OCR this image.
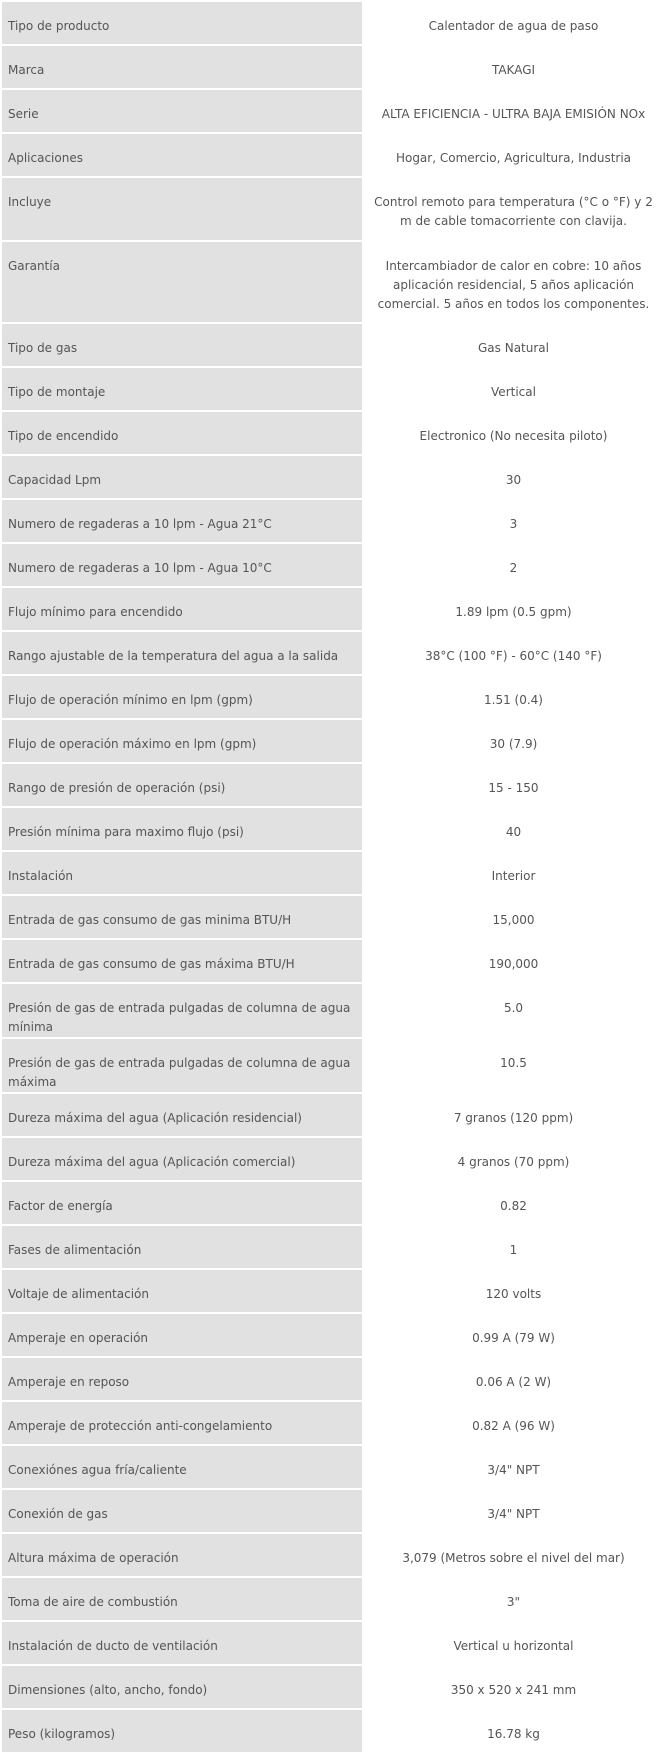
Tipo de producto	Calentador de agua de paso

Marca	TAKAGI

Serie	ALTA EFICIENCIA - ULTRA BAJA EMISIÓN NOx

Aplicaciones	Hogar, Comercio, Agricultura, Industria

Incluye	Control remoto para temperatura (°C o °F) y 2 m de cable tomacorriente con clavija.

Garantía	Intercambiador de calor en cobre: 10 años aplicación residencial, 5 años aplicación comercial. 5 años en todos los componentes.

Tipo de gas	Gas Natural

Tipo de montaje	Vertical

Tipo de encendido	Electronico (No necesita piloto)

Capacidad Lpm	30

Numero de regaderas a 10 lpm - Agua 21°C	3

Numero de regaderas a 10 lpm - Agua 10°C	2

Flujo mínimo para encendido	1.89 lpm (0.5 gpm)

Rango ajustable de la temperatura del agua a la salida	38°C (100 °F) - 60°C (140 °F)

Flujo de operación mínimo en lpm (gpm)	1.51 (0.4)

Flujo de operación máximo en lpm (gpm)	30 (7.9)

Rango de presión de operación (psi)	15 - 150

Presión mínima para maximo flujo (psi)	40

Instalación	Interior

Entrada de gas consumo de gas minima BTU/H	15,000

Entrada de gas consumo de gas máxima BTU/H	190,000

Presión de gas de entrada pulgadas de columna de agua mínima	5.0

Presión de gas de entrada pulgadas de columna de agua máxima	10.5

Dureza máxima del agua (Aplicación residencial)	7 granos (120 ppm)

Dureza máxima del agua (Aplicación comercial)	4 granos (70 ppm)

Factor de energía	0.82

Fases de alimentación	1

Voltaje de alimentación	120 volts

Amperaje en operación	0.99 A (79 W)

Amperaje en reposo	0.06 A (2 W)

Amperaje de protección anti-congelamiento	0.82 A (96 W)

Conexiónes agua fría/caliente	3/4" NPT

Conexión de gas	3/4" NPT

Altura máxima de operación	3,079 (Metros sobre el nivel del mar)

Toma de aire de combustión	3"

Instalación de ducto de ventilación	Vertical u horizontal

Dimensiones (alto, ancho, fondo)	350 x 520 x 241 mm

Peso (kilogramos)	16.78 kg
